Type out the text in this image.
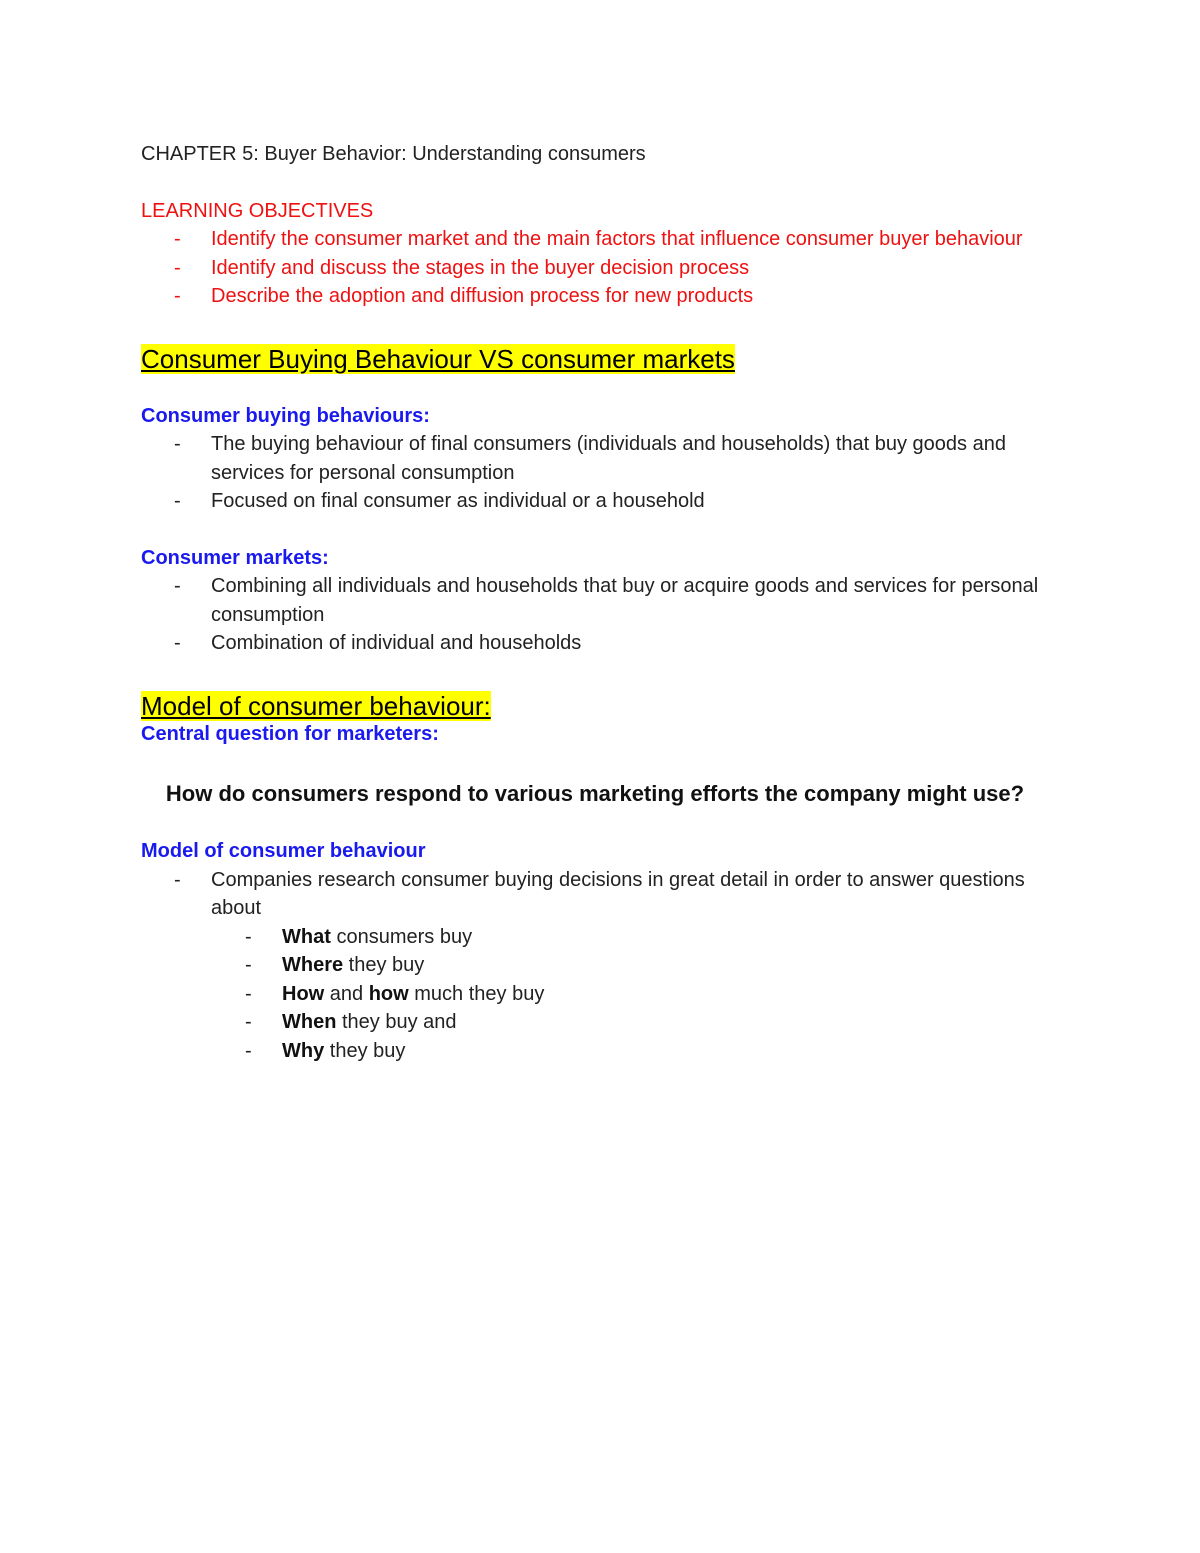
CHAPTER 5: Buyer Behavior: Understanding consumers

LEARNING OBJECTIVES

- Identify the consumer market and the main factors that influence consumer buyer behaviour
- Identify and discuss the stages in the buyer decision process
- Describe the adoption and diffusion process for new products

Consumer Buying Behaviour VS consumer markets

Consumer buying behaviours:

- The buying behaviour of final consumers (individuals and households) that buy goods and services for personal consumption
- Focused on final consumer as individual or a household

Consumer markets:

- Combining all individuals and households that buy or acquire goods and services for personal consumption
- Combination of individual and households

Model of consumer behaviour:

Central question for marketers:

How do consumers respond to various marketing efforts the company might use?

Model of consumer behaviour

- Companies research consumer buying decisions in great detail in order to answer questions about
- What consumers buy
- Where they buy
- How and how much they buy
- When they buy and
- Why they buy
